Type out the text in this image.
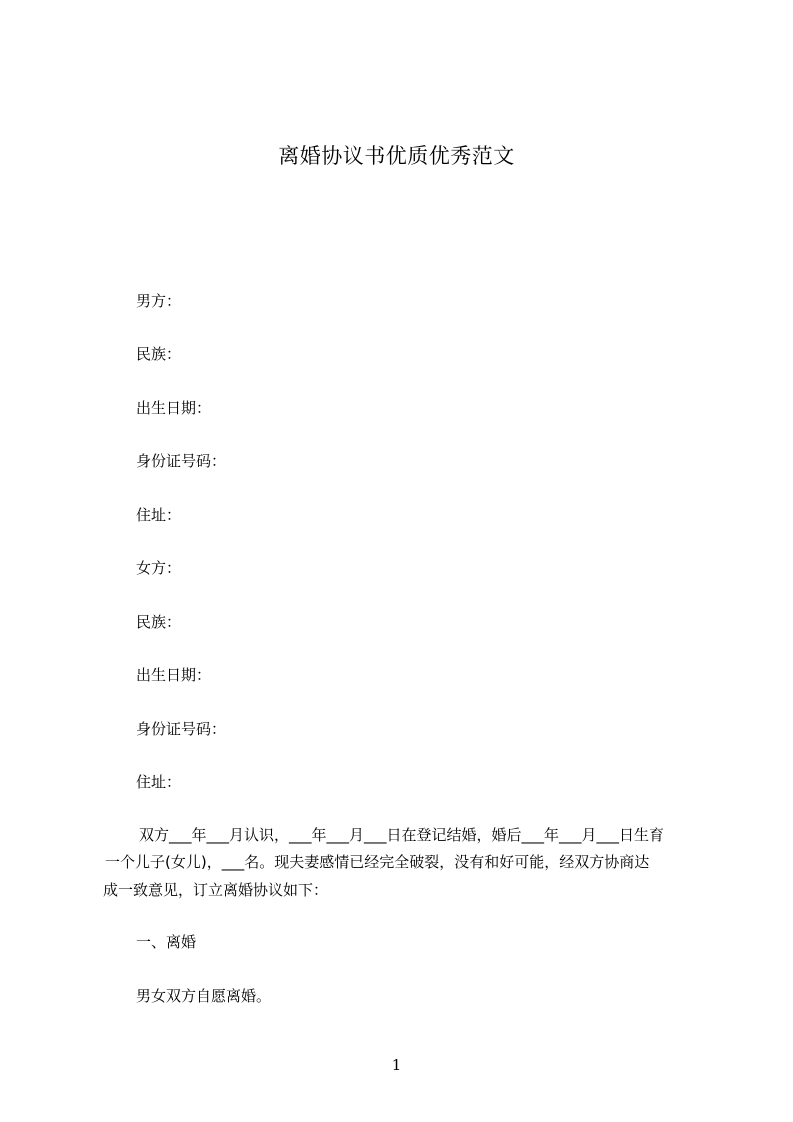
离婚协议书优质优秀范文
男方：
民族：
出生日期：
身份证号码：
住址：
女方：
民族：
出生日期：
身份证号码：
住址：
双方___年___月认识，___年___月___日在登记结婚，婚后___年___月___日生育
一个儿子(女儿)，___名。现夫妻感情已经完全破裂，没有和好可能，经双方协商达
成一致意见，订立离婚协议如下：
一、离婚
男女双方自愿离婚。
1
